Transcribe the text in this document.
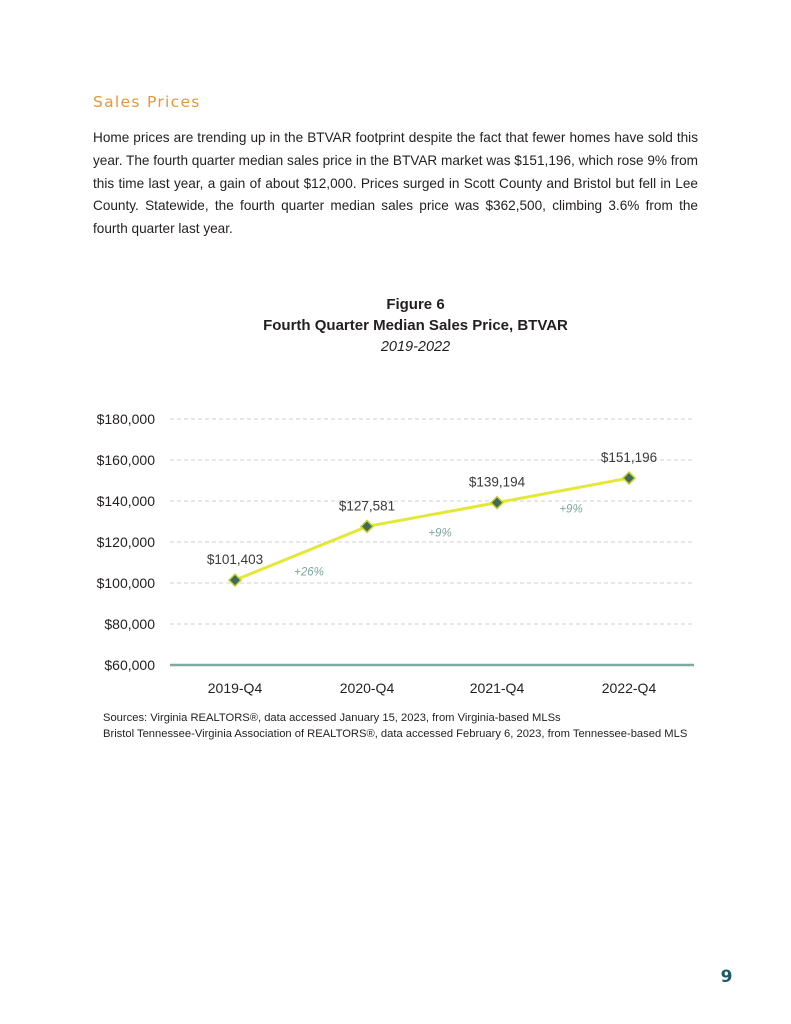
Sales Prices

Home prices are trending up in the BTVAR footprint despite the fact that fewer homes have sold this year. The fourth quarter median sales price in the BTVAR market was $151,196, which rose 9% from this time last year, a gain of about $12,000. Prices surged in Scott County and Bristol but fell in Lee County. Statewide, the fourth quarter median sales price was $362,500, climbing 3.6% from the fourth quarter last year.

Figure 6
Fourth Quarter Median Sales Price, BTVAR
2019-2022
$60,000
$80,000
$100,000
$120,000
$140,000
$160,000
$180,000
2019-Q4	2020-Q4	2021-Q4	2022-Q4
$101,403
$127,581
$139,194
$151,196
+26%
+9%
+9%
Sources: Virginia REALTORS®, data accessed January 15, 2023, from Virginia-based MLSs
Bristol Tennessee-Virginia Association of REALTORS®, data accessed February 6, 2023, from Tennessee-based MLS
9
